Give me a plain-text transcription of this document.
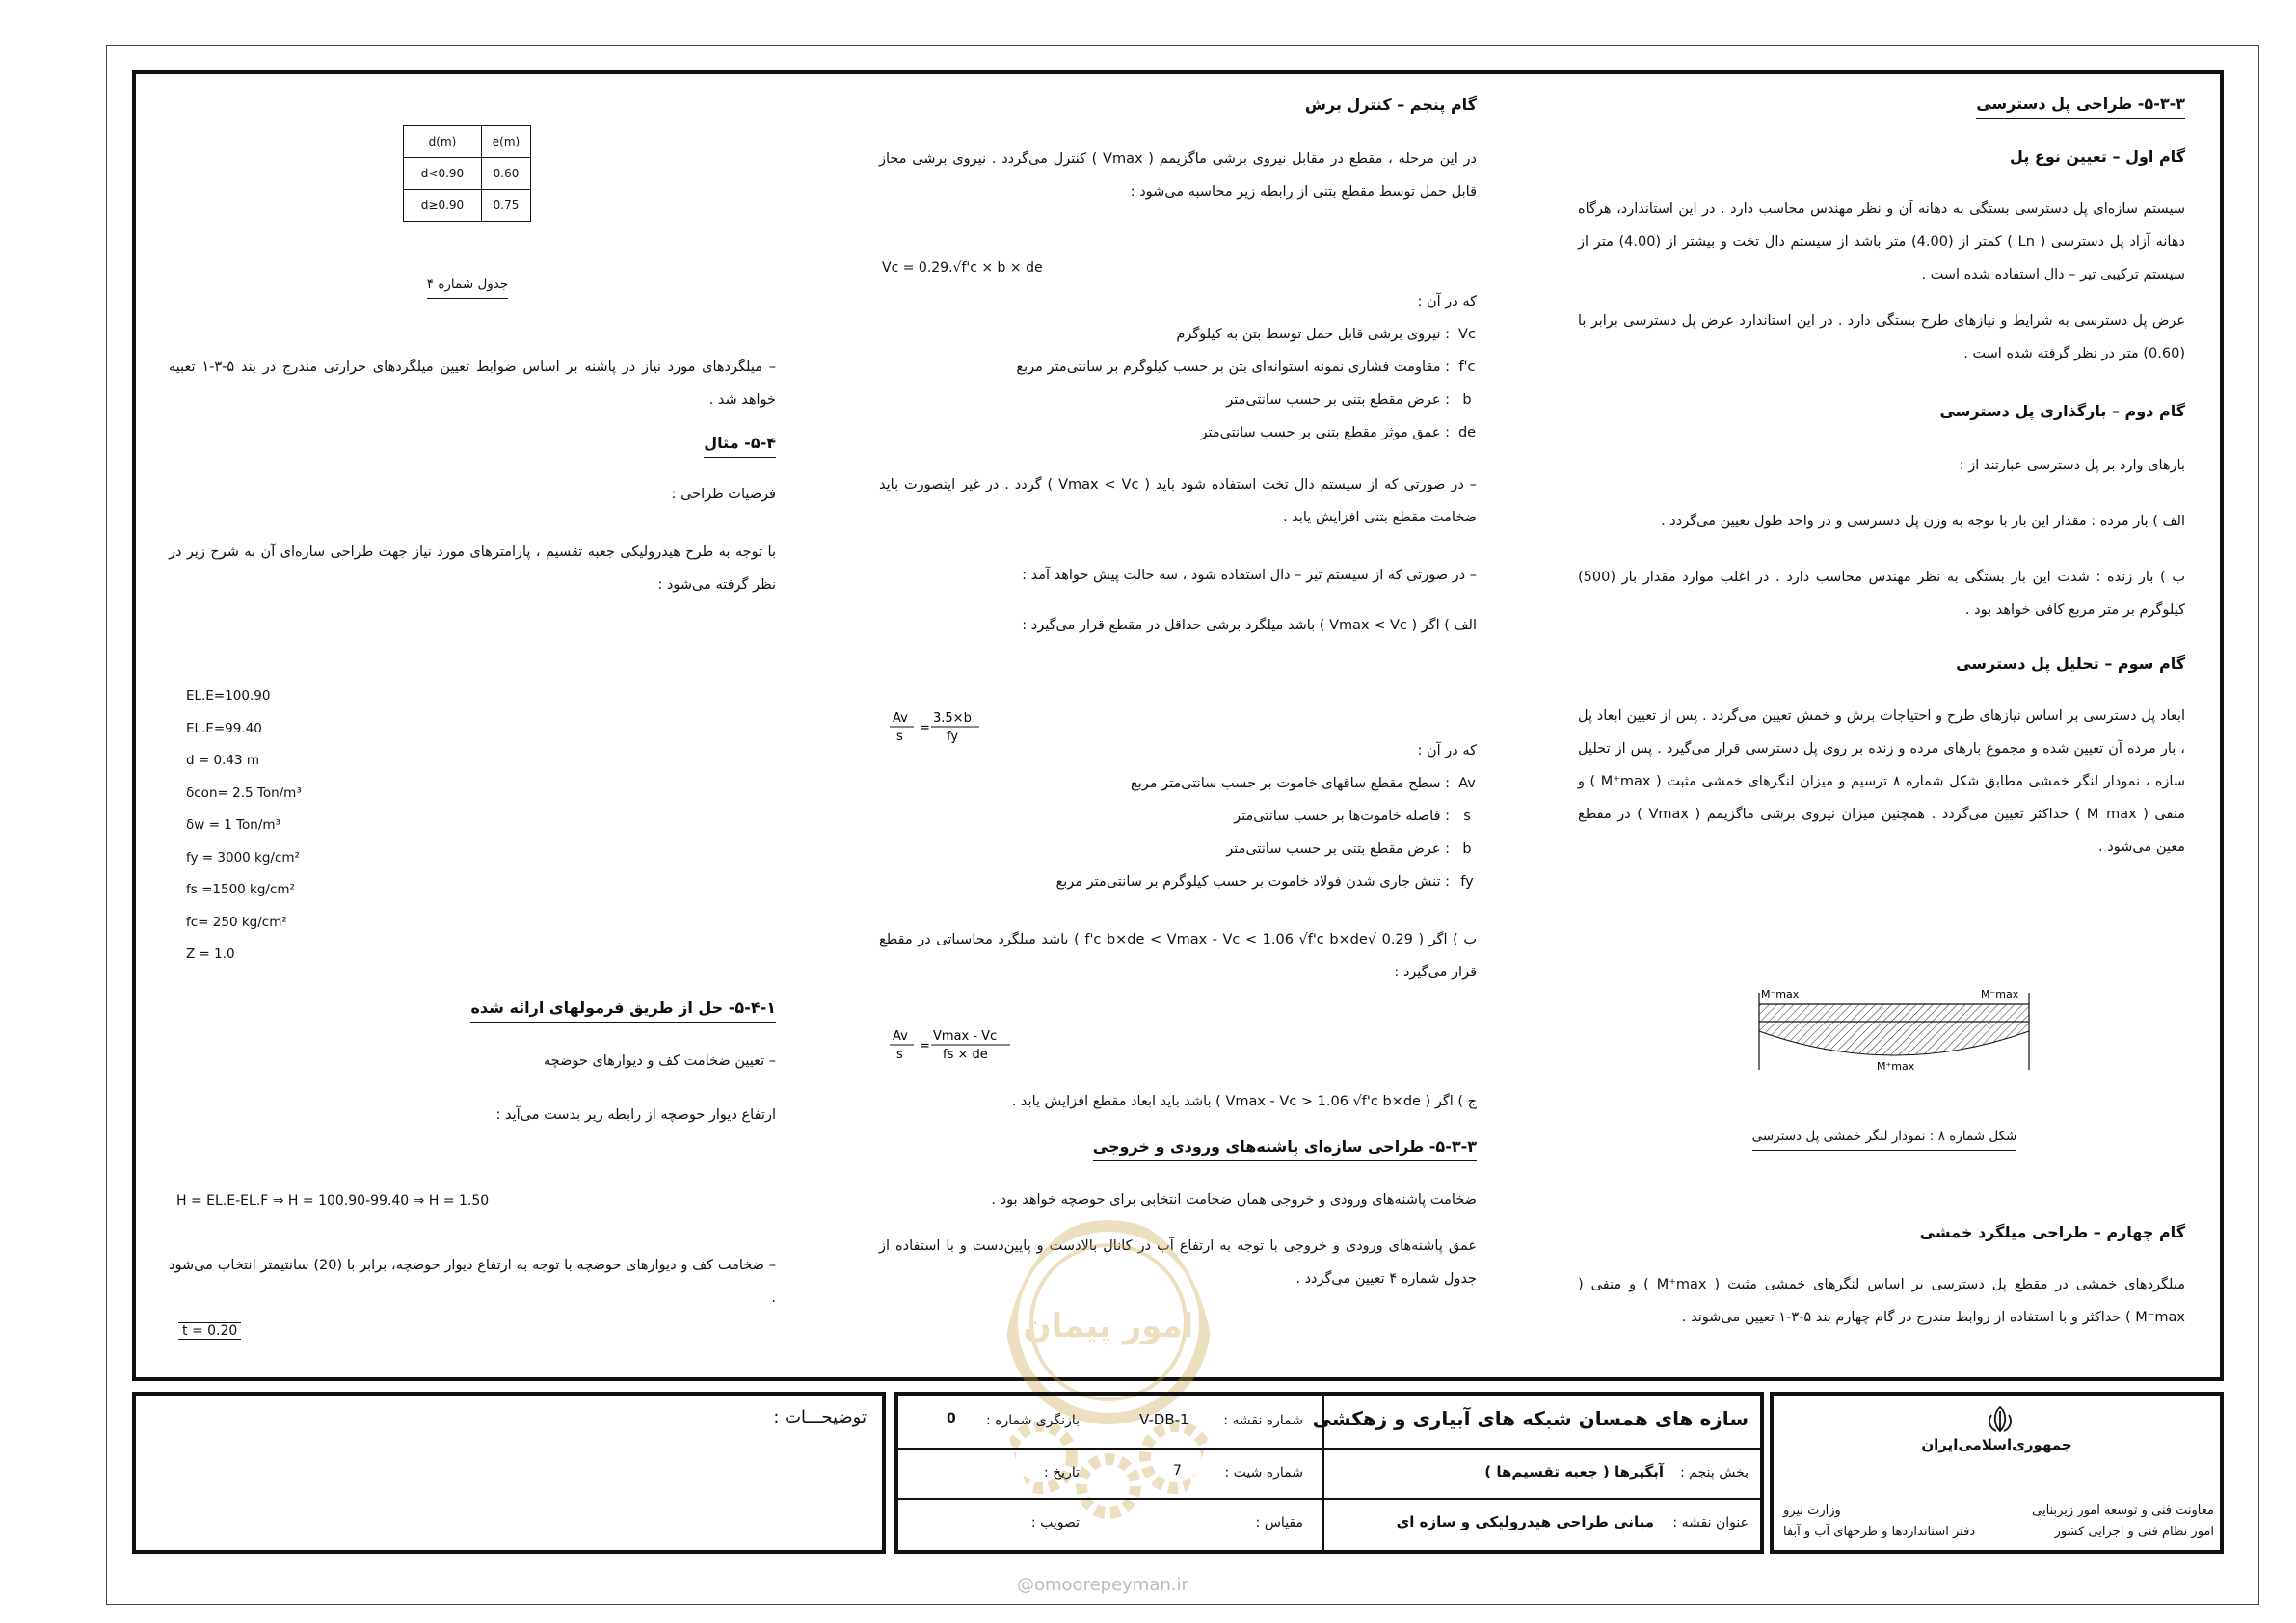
۵-۳-۳- طراحی پل دسترسی

گام اول – تعیین نوع پل

سیستم سازه‌ای پل دسترسی بستگی به دهانه آن و نظر مهندس محاسب دارد . در این استاندارد، هرگاه دهانه آزاد پل دسترسی ( Ln ) کمتر از (4.00) متر باشد از سیستم دال تخت و بیشتر از (4.00) متر از سیستم ترکیبی تیر – دال استفاده شده است .

عرض پل دسترسی به شرایط و نیازهای طرح بستگی دارد . در این استاندارد عرض پل دسترسی برابر با (0.60) متر در نظر گرفته شده است .

گام دوم – بارگذاری پل دسترسی

بارهای وارد بر پل دسترسی عبارتند از :

الف ) بار مرده : مقدار این بار با توجه به وزن پل دسترسی و در واحد طول تعیین می‌گردد .

ب ) بار زنده : شدت این بار بستگی به نظر مهندس محاسب دارد . در اغلب موارد مقدار بار (500) کیلوگرم بر متر مربع کافی خواهد بود .

گام سوم – تحلیل پل دسترسی

ابعاد پل دسترسی بر اساس نیازهای طرح و احتیاجات برش و خمش تعیین می‌گردد . پس از تعیین ابعاد پل ، بار مرده آن تعیین شده و مجموع بارهای مرده و زنده بر روی پل دسترسی قرار می‌گیرد . پس از تحلیل سازه ، نمودار لنگر خمشی مطابق شکل شماره ۸ ترسیم و میزان لنگرهای خمشی مثبت ( M⁺max ) و منفی ( M⁻max ) حداکثر تعیین می‌گردد . همچنین میزان نیروی برشی ماگزیمم ( Vmax ) در مقطع معین می‌شود .

M⁻max	M⁻max
M⁺max
شکل شماره ۸ : نمودار لنگر خمشی پل دسترسی

گام چهارم – طراحی میلگرد خمشی

میلگردهای خمشی در مقطع پل دسترسی بر اساس لنگرهای خمشی مثبت ( M⁺max ) و منفی ( M⁻max ) حداکثر و با استفاده از روابط مندرج در گام چهارم بند ۵-۳-۱ تعیین می‌شوند .

گام پنجم – کنترل برش

در این مرحله ، مقطع در مقابل نیروی برشی ماگزیمم ( Vmax ) کنترل می‌گردد . نیروی برشی مجاز قابل حمل توسط مقطع بتنی از رابطه زیر محاسبه می‌شود :

Vc = 0.29.√f'c × b × de

که در آن :

Vc
: نیروی برشی قابل حمل توسط بتن به کیلوگرم
f'c
: مقاومت فشاری نمونه استوانه‌ای بتن بر حسب کیلوگرم بر سانتی‌متر مربع
b
: عرض مقطع بتنی بر حسب سانتی‌متر
de
: عمق موثر مقطع بتنی بر حسب سانتی‌متر

– در صورتی که از سیستم دال تخت استفاده شود باید ( Vmax < Vc ) گردد . در غیر اینصورت باید ضخامت مقطع بتنی افزایش یابد .

– در صورتی که از سیستم تیر – دال استفاده شود ، سه حالت پیش خواهد آمد :

الف ) اگر ( Vmax < Vc ) باشد میلگرد برشی حداقل در مقطع قرار می‌گیرد :

Av
s
=
3.5×b
fy

که در آن :

Av
: سطح مقطع ساقهای خاموت بر حسب سانتی‌متر مربع
s
: فاصله خاموت‌ها بر حسب سانتی‌متر
b
: عرض مقطع بتنی بر حسب سانتی‌متر
fy
: تنش جاری شدن فولاد خاموت بر حسب کیلوگرم بر سانتی‌متر مربع

ب ) اگر ( 0.29 √f'c b×de < Vmax - Vc < 1.06 √f'c b×de ) باشد میلگرد محاسباتی در مقطع قرار می‌گیرد :

Av
s
=
Vmax - Vc
fs × de

ج ) اگر ( Vmax - Vc > 1.06 √f'c b×de ) باشد باید ابعاد مقطع افزایش یابد .

۵-۳-۳- طراحی سازه‌ای پاشنه‌های ورودی و خروجی

ضخامت پاشنه‌های ورودی و خروجی همان ضخامت انتخابی برای حوضچه خواهد بود .

عمق پاشنه‌های ورودی و خروجی با توجه به ارتفاع آب در کانال بالادست و پایین‌دست و با استفاده از جدول شماره ۴ تعیین می‌گردد .

d(m)	e(m)
d<0.90	0.60
d≥0.90	0.75
جدول شماره ۴

– میلگردهای مورد نیاز در پاشنه بر اساس ضوابط تعیین میلگردهای حرارتی مندرج در بند ۵-۳-۱ تعبیه خواهد شد .

۵-۴- مثال

فرضیات طراحی :

با توجه به طرح هیدرولیکی جعبه تقسیم ، پارامترهای مورد نیاز جهت طراحی سازه‌ای آن به شرح زیر در نظر گرفته می‌شود :

EL.E=100.90
EL.E=99.40
d = 0.43 m
δcon= 2.5 Ton/m³
δw = 1 Ton/m³
fy = 3000 kg/cm²
fs =1500 kg/cm²
fc= 250 kg/cm²
Z = 1.0

۵-۴-۱- حل از طریق فرمولهای ارائه شده

– تعیین ضخامت کف و دیوارهای حوضچه

ارتفاع دیوار حوضچه از رابطه زیر بدست می‌آید :

H = EL.E-EL.F ⇒ H = 100.90-99.40 ⇒ H = 1.50

– ضخامت کف و دیوارهای حوضچه با توجه به ارتفاع دیوار حوضچه، برابر با (20) سانتیمتر انتخاب می‌شود .

t = 0.20	امور پیمان
@omoorepeyman.ir
توضیحـــات :	سازه های همسان شبکه های آبیاری و زهکشی
بخش پنجم :
آبگیرها ( جعبه تقسیم‌ها )
عنوان نقشه :
مبانی طراحی هیدرولیکی و سازه ای
شماره نقشه :
V-DB-1
بازنگری شماره :
0
شماره شیت :
7
تاریخ :
مقیاس :
تصویب :
جمهوری‌اسلامی‌ایران
معاونت فنی و توسعه امور زیربنایی
امور نظام فنی و اجرایی کشور
وزارت نیرو
دفتر استانداردها و طرحهای آب و آبفا
